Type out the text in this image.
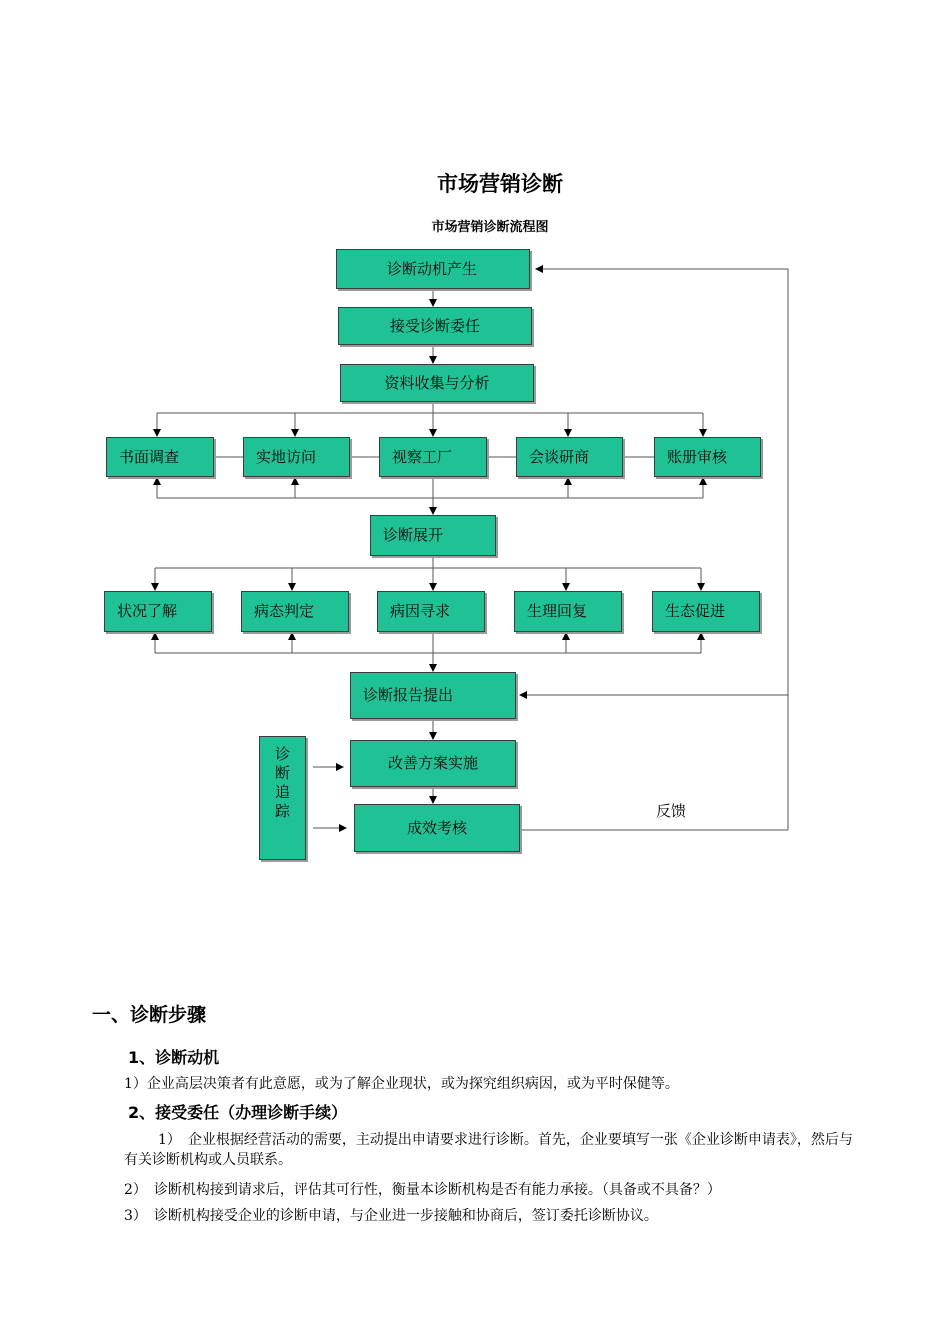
市场营销诊断
市场营销诊断流程图
诊断动机产生
接受诊断委任
资料收集与分析
书面调查	实地访问	视察工厂	会谈研商	账册审核
诊断展开
状况了解	病态判定	病因寻求	生理回复	生态促进
诊断报告提出
改善方案实施
成效考核
诊
断
追
踪	反馈
一、诊断步骤
1、诊断动机
1）企业高层决策者有此意愿，或为了解企业现状，或为探究组织病因，或为平时保健等。
2、接受委任（办理诊断手续）
1）　企业根据经营活动的需要，主动提出申请要求进行诊断。首先，企业要填写一张《企业诊断申请表》，然后与有关诊断机构或人员联系。
2）　诊断机构接到请求后，评估其可行性，衡量本诊断机构是否有能力承接。（具备或不具备？）
3）　诊断机构接受企业的诊断申请，与企业进一步接触和协商后，签订委托诊断协议。
